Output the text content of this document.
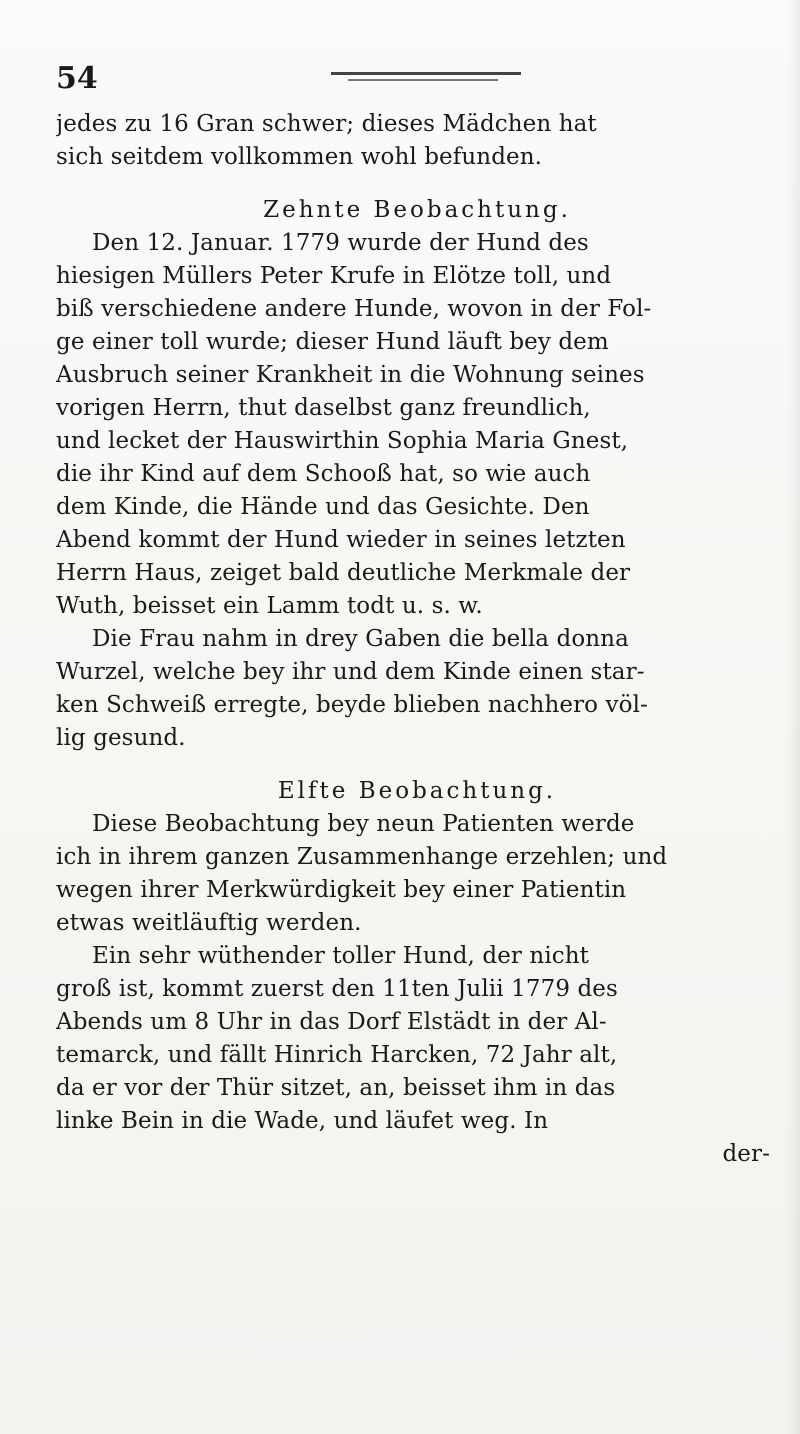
54
jedes zu 16 Gran schwer; dieses Mädchen hat
sich seitdem vollkommen wohl befunden.
Zehnte Beobachtung.
Den 12. Januar. 1779 wurde der Hund des
hiesigen Müllers Peter Krufe in Elötze toll, und
biß verschiedene andere Hunde, wovon in der Fol-
ge einer toll wurde; dieser Hund läuft bey dem
Ausbruch seiner Krankheit in die Wohnung seines
vorigen Herrn, thut daselbst ganz freundlich,
und lecket der Hauswirthin Sophia Maria Gnest,
die ihr Kind auf dem Schooß hat, so wie auch
dem Kinde, die Hände und das Gesichte. Den
Abend kommt der Hund wieder in seines letzten
Herrn Haus, zeiget bald deutliche Merkmale der
Wuth, beisset ein Lamm todt u. s. w.
Die Frau nahm in drey Gaben die bella donna
Wurzel, welche bey ihr und dem Kinde einen star-
ken Schweiß erregte, beyde blieben nachhero völ-
lig gesund.
Elfte Beobachtung.
Diese Beobachtung bey neun Patienten werde
ich in ihrem ganzen Zusammenhange erzehlen; und
wegen ihrer Merkwürdigkeit bey einer Patientin
etwas weitläuftig werden.
Ein sehr wüthender toller Hund, der nicht
groß ist, kommt zuerst den 11ten Julii 1779 des
Abends um 8 Uhr in das Dorf Elstädt in der Al-
temarck, und fällt Hinrich Harcken, 72 Jahr alt,
da er vor der Thür sitzet, an, beisset ihm in das
linke Bein in die Wade, und läufet weg. In
der-
